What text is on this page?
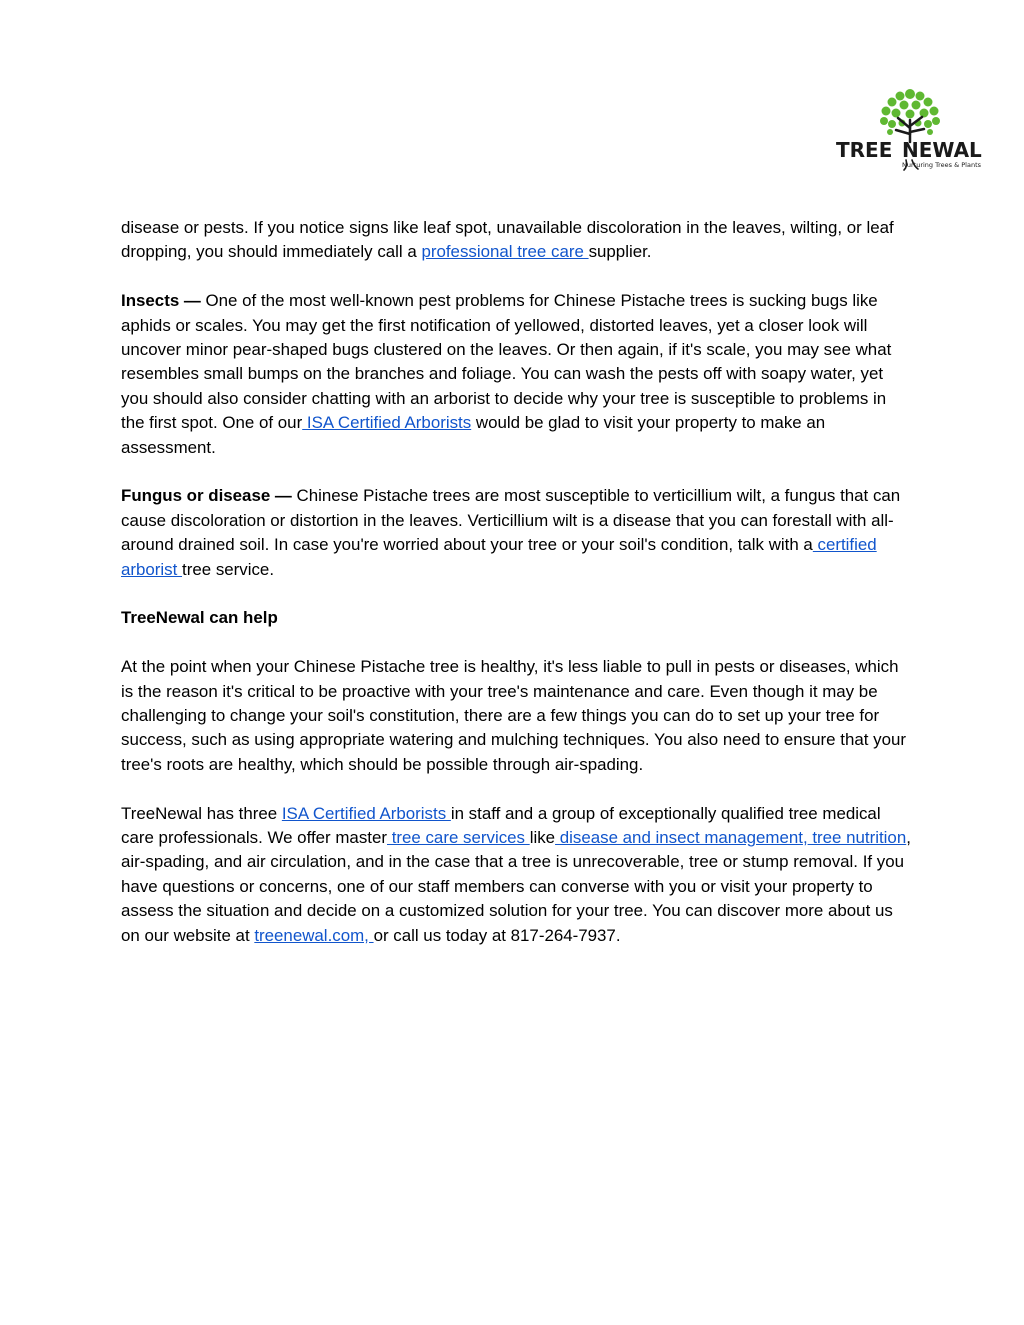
TREE NEWAL
Nurturing Trees & Plants

disease or pests. If you notice signs like leaf spot, unavailable discoloration in the leaves, wilting, or leaf dropping, you should immediately call a professional tree care supplier.

Insects — One of the most well-known pest problems for Chinese Pistache trees is sucking bugs like aphids or scales. You may get the first notification of yellowed, distorted leaves, yet a closer look will uncover minor pear-shaped bugs clustered on the leaves. Or then again, if it's scale, you may see what resembles small bumps on the branches and foliage. You can wash the pests off with soapy water, yet you should also consider chatting with an arborist to decide why your tree is susceptible to problems in the first spot. One of our ISA Certified Arborists would be glad to visit your property to make an assessment.

Fungus or disease — Chinese Pistache trees are most susceptible to verticillium wilt, a fungus that can cause discoloration or distortion in the leaves. Verticillium wilt is a disease that you can forestall with all-around drained soil. In case you're worried about your tree or your soil's condition, talk with a certified arborist tree service.

TreeNewal can help

At the point when your Chinese Pistache tree is healthy, it's less liable to pull in pests or diseases, which is the reason it's critical to be proactive with your tree's maintenance and care. Even though it may be challenging to change your soil's constitution, there are a few things you can do to set up your tree for success, such as using appropriate watering and mulching techniques. You also need to ensure that your tree's roots are healthy, which should be possible through air-spading.

TreeNewal has three ISA Certified Arborists in staff and a group of exceptionally qualified tree medical care professionals. We offer master tree care services like disease and insect management, tree nutrition, air-spading, and air circulation, and in the case that a tree is unrecoverable, tree or stump removal. If you have questions or concerns, one of our staff members can converse with you or visit your property to assess the situation and decide on a customized solution for your tree. You can discover more about us on our website at treenewal.com, or call us today at 817-264-7937.
